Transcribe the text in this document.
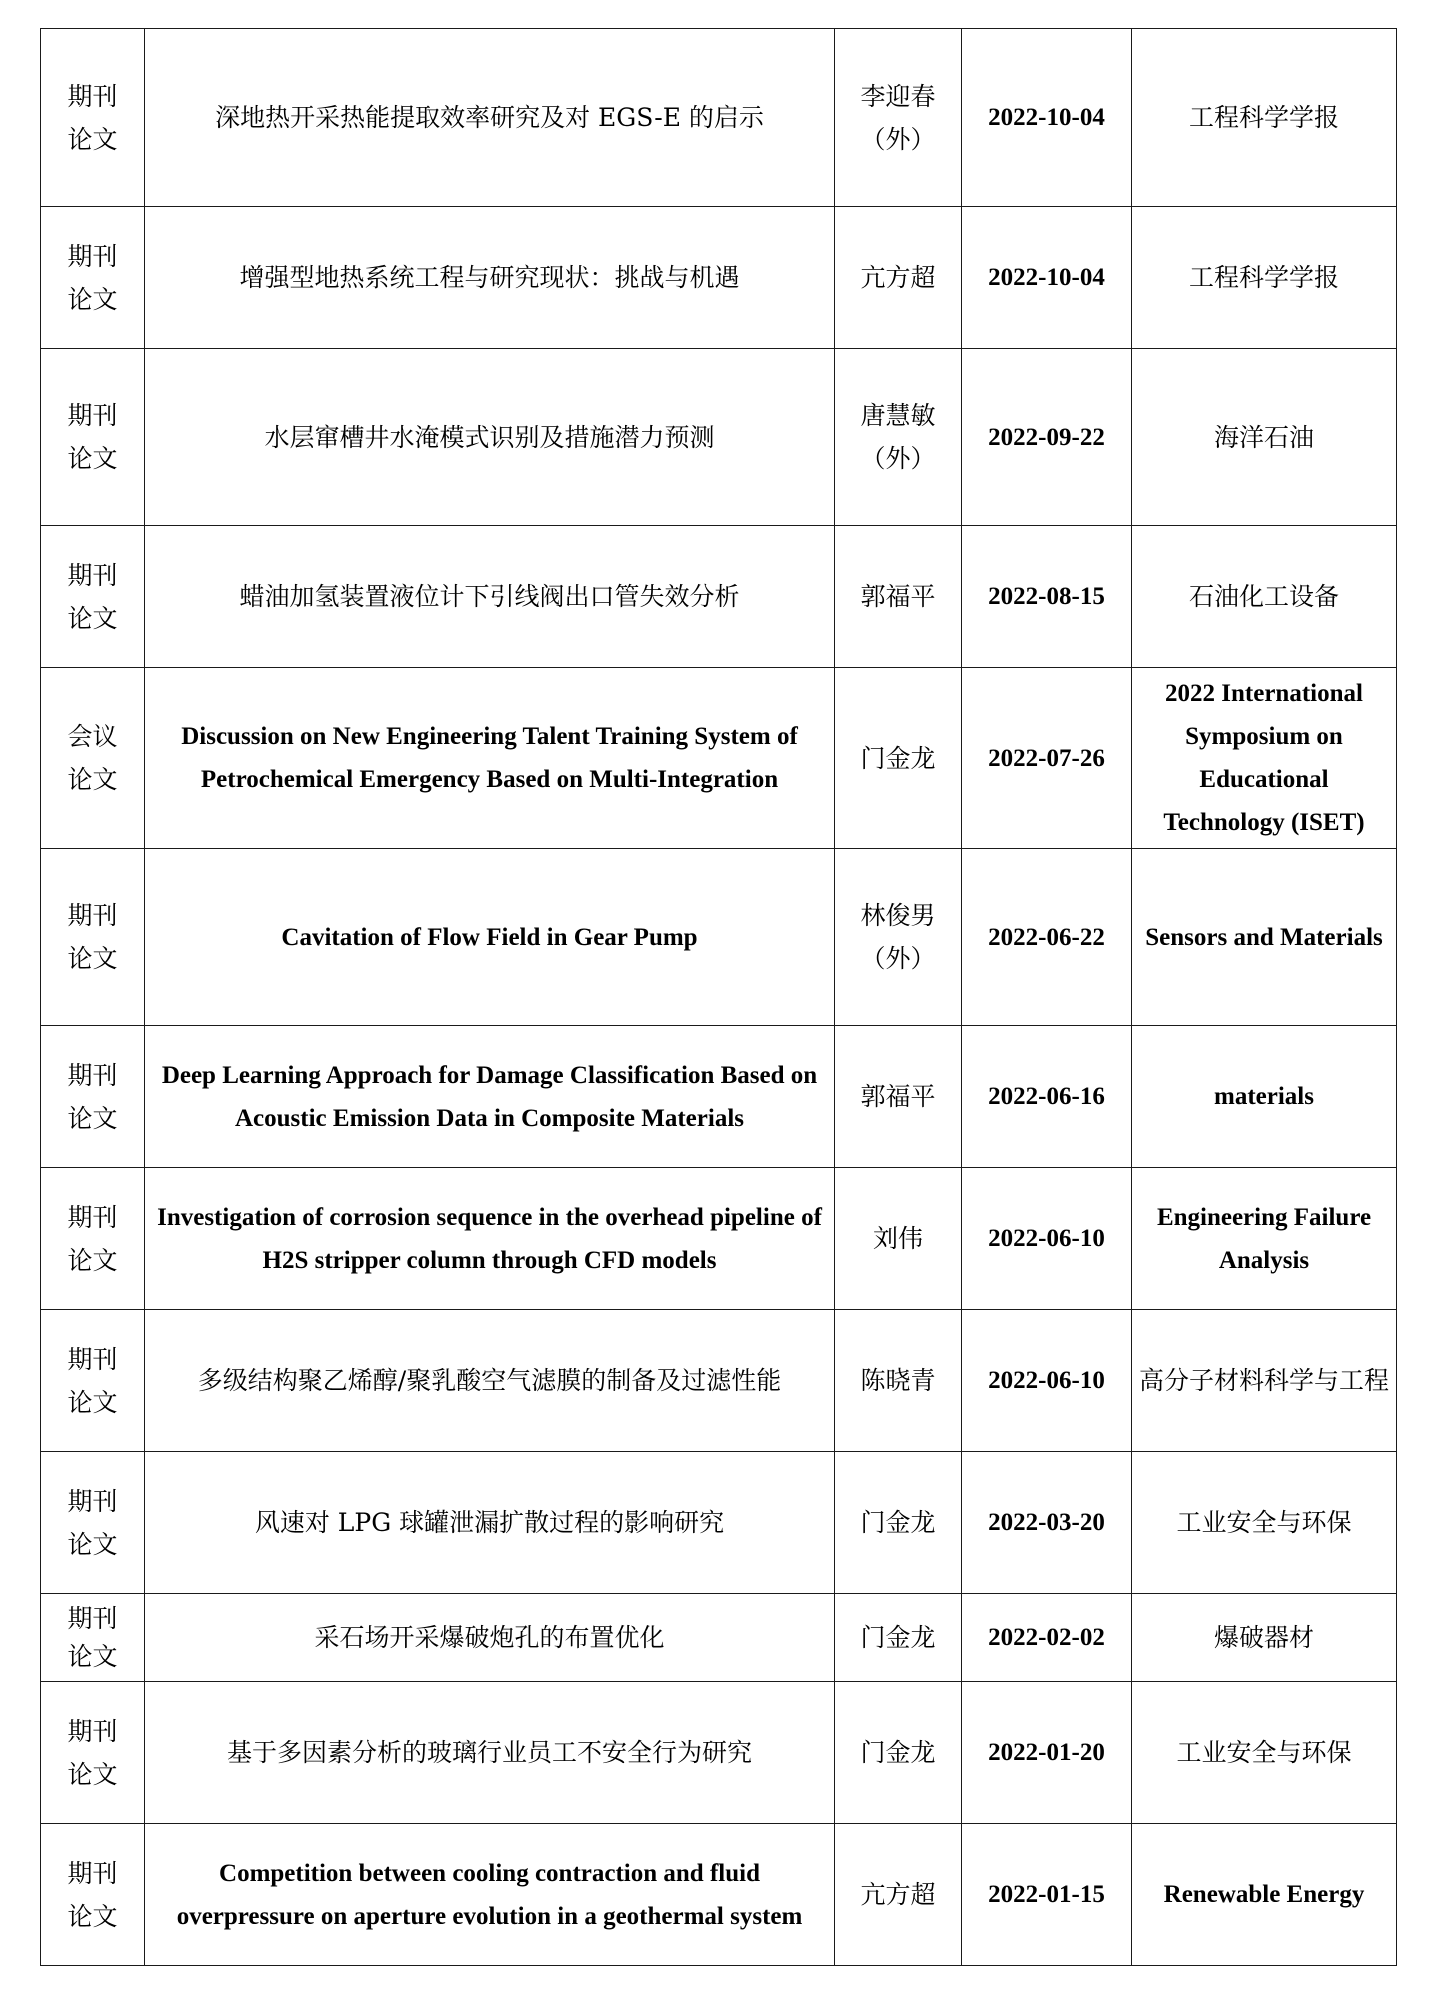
期刊
论文	深地热开采热能提取效率研究及对 EGS-E 的启示	李迎春
（外）	2022-10-04	工程科学学报

期刊
论文	增强型地热系统工程与研究现状：挑战与机遇	亢方超	2022-10-04	工程科学学报

期刊
论文	水层窜槽井水淹模式识别及措施潜力预测	唐慧敏
（外）	2022-09-22	海洋石油

期刊
论文	蜡油加氢装置液位计下引线阀出口管失效分析	郭福平	2022-08-15	石油化工设备

会议
论文	Discussion on New Engineering Talent Training System of Petrochemical Emergency Based on Multi-Integration	门金龙	2022-07-26	2022 International Symposium on Educational Technology (ISET)

期刊
论文	Cavitation of Flow Field in Gear Pump	林俊男
（外）	2022-06-22	Sensors and Materials

期刊
论文	Deep Learning Approach for Damage Classification Based on Acoustic Emission Data in Composite Materials	郭福平	2022-06-16	materials

期刊
论文	Investigation of corrosion sequence in the overhead pipeline of H2S stripper column through CFD models	刘伟	2022-06-10	Engineering Failure Analysis

期刊
论文	多级结构聚乙烯醇/聚乳酸空气滤膜的制备及过滤性能	陈晓青	2022-06-10	高分子材料科学与工程

期刊
论文	风速对 LPG 球罐泄漏扩散过程的影响研究	门金龙	2022-03-20	工业安全与环保

期刊
论文	采石场开采爆破炮孔的布置优化	门金龙	2022-02-02	爆破器材

期刊
论文	基于多因素分析的玻璃行业员工不安全行为研究	门金龙	2022-01-20	工业安全与环保

期刊
论文	Competition between cooling contraction and fluid overpressure on aperture evolution in a geothermal system	亢方超	2022-01-15	Renewable Energy
